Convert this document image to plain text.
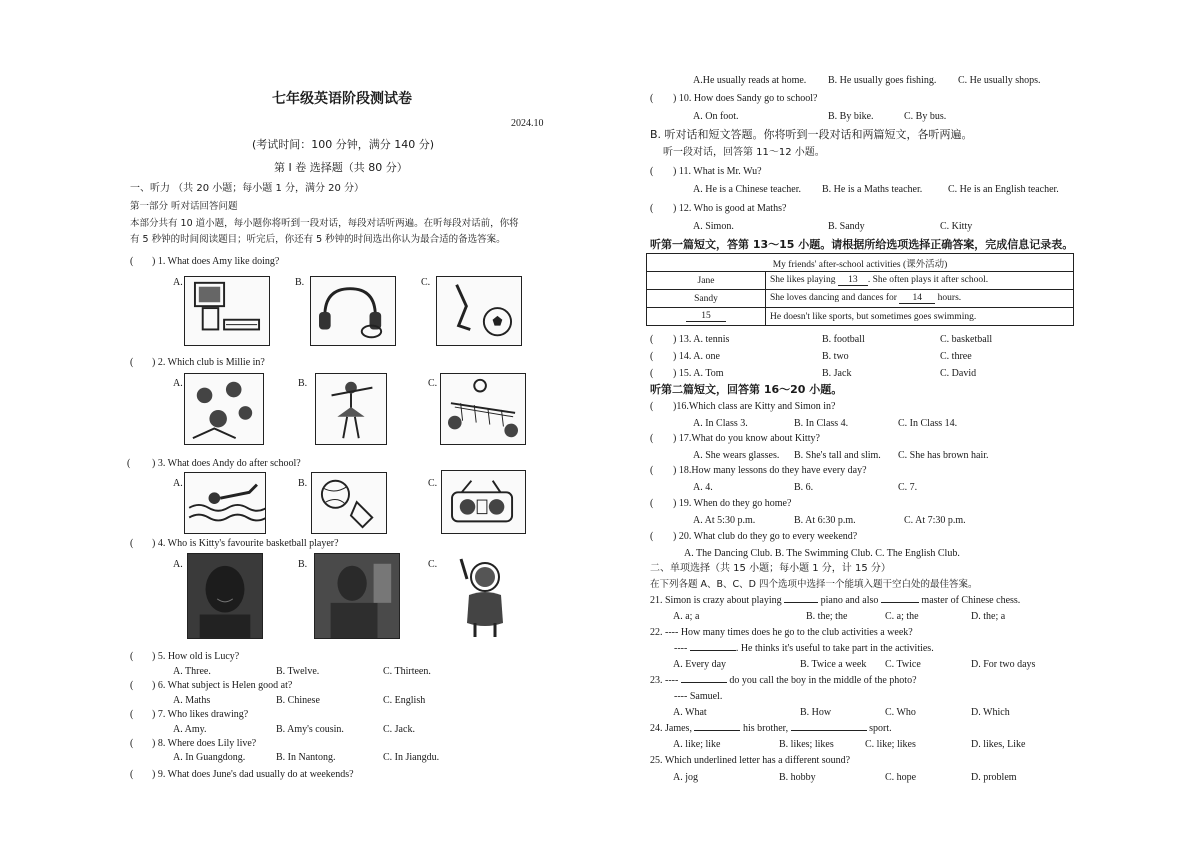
七年级英语阶段测试卷
2024.10
(考试时间：100 分钟，满分 140 分)
第 I 卷 选择题（共 80 分）
一、听力 （共 20 小题；每小题 1 分，满分 20 分）
第一部分 听对话回答问题
本部分共有 10 道小题，每小题你将听到一段对话，每段对话听两遍。在听每段对话前，你将
有 5 秒钟的时间阅读题目；听完后，你还有 5 秒钟的时间选出你认为最合适的备选答案。
( ) 1. What does Amy like doing?
A.	B.	C.
( ) 2. Which club is Millie in?
A.	B.	C.
( ) 3. What does Andy do after school?
A.	B.	C.
( ) 4. Who is Kitty's favourite basketball player?
A.	B.	C.
( ) 5. How old is Lucy?
A. Three.	B. Twelve.	C. Thirteen.
( ) 6. What subject is Helen good at?
A. Maths	B. Chinese	C. English
( ) 7. Who likes drawing?
A. Amy.	B. Amy's cousin.	C. Jack.
( ) 8. Where does Lily live?
A. In Guangdong.	B. In Nantong.	C. In Jiangdu.
( ) 9. What does June's dad usually do at weekends?
A.He usually reads at home. B. He usually goes fishing. C. He usually shops.
( ) 10. How does Sandy go to school?
A. On foot.	B. By bike.	C. By bus.
B. 听对话和短文答题。你将听到一段对话和两篇短文，各听两遍。
听一段对话，回答第 11～12 小题。
( ) 11. What is Mr. Wu?
A. He is a Chinese teacher. B. He is a Maths teacher.	C. He is an English teacher.
( ) 12. Who is good at Maths?
A. Simon.	B. Sandy	C. Kitty
听第一篇短文，答第 13～15 小题。请根据所给选项选择正确答案，完成信息记录表。
My friends' after-school activities (课外活动)	
Jane	She likes playing 13 . She often plays it after school.
Sandy	She loves dancing and dances for 14 hours.
15	He doesn't like sports, but sometimes goes swimming.
( ) 13. A. tennis	B. football	C. basketball
( ) 14. A. one	B. two	C. three
( ) 15. A. Tom	B. Jack	C. David
听第二篇短文，回答第 16～20 小题。
( )16.Which class are Kitty and Simon in?
A. In Class 3.	B. In Class 4.	C. In Class 14.
( ) 17.What do you know about Kitty?
A. She wears glasses. B. She's tall and slim. C. She has brown hair.
( ) 18.How many lessons do they have every day?
A. 4.	B. 6.	C. 7.
( ) 19. When do they go home?
A. At 5:30 p.m.	B. At 6:30 p.m.	C. At 7:30 p.m.
( ) 20. What club do they go to every weekend?
A. The Dancing Club. B. The Swimming Club. C. The English Club.
二、单项选择（共 15 小题；每小题 1 分，计 15 分）
在下列各题 A、B、C、D 四个选项中选择一个能填入题干空白处的最佳答案。
21. Simon is crazy about playing	piano and also	master of Chinese chess.
A. a; a	B. the; the	C. a; the	D. the; a
22. ---- How many times does he go to the club activities a week?
----	. He thinks it's useful to take part in the activities.
A. Every day	B. Twice a week C. Twice	D. For two days
23. ----	do you call the boy in the middle of the photo?
---- Samuel.
A. What	B. How	C. Who	D. Which
24. James,	his brother,	sport.
A. like; like	B. likes; likes	C. like; likes	D. likes, Like
25. Which underlined letter has a different sound?
A. jog	B. hobby	C. hope	D. problem
